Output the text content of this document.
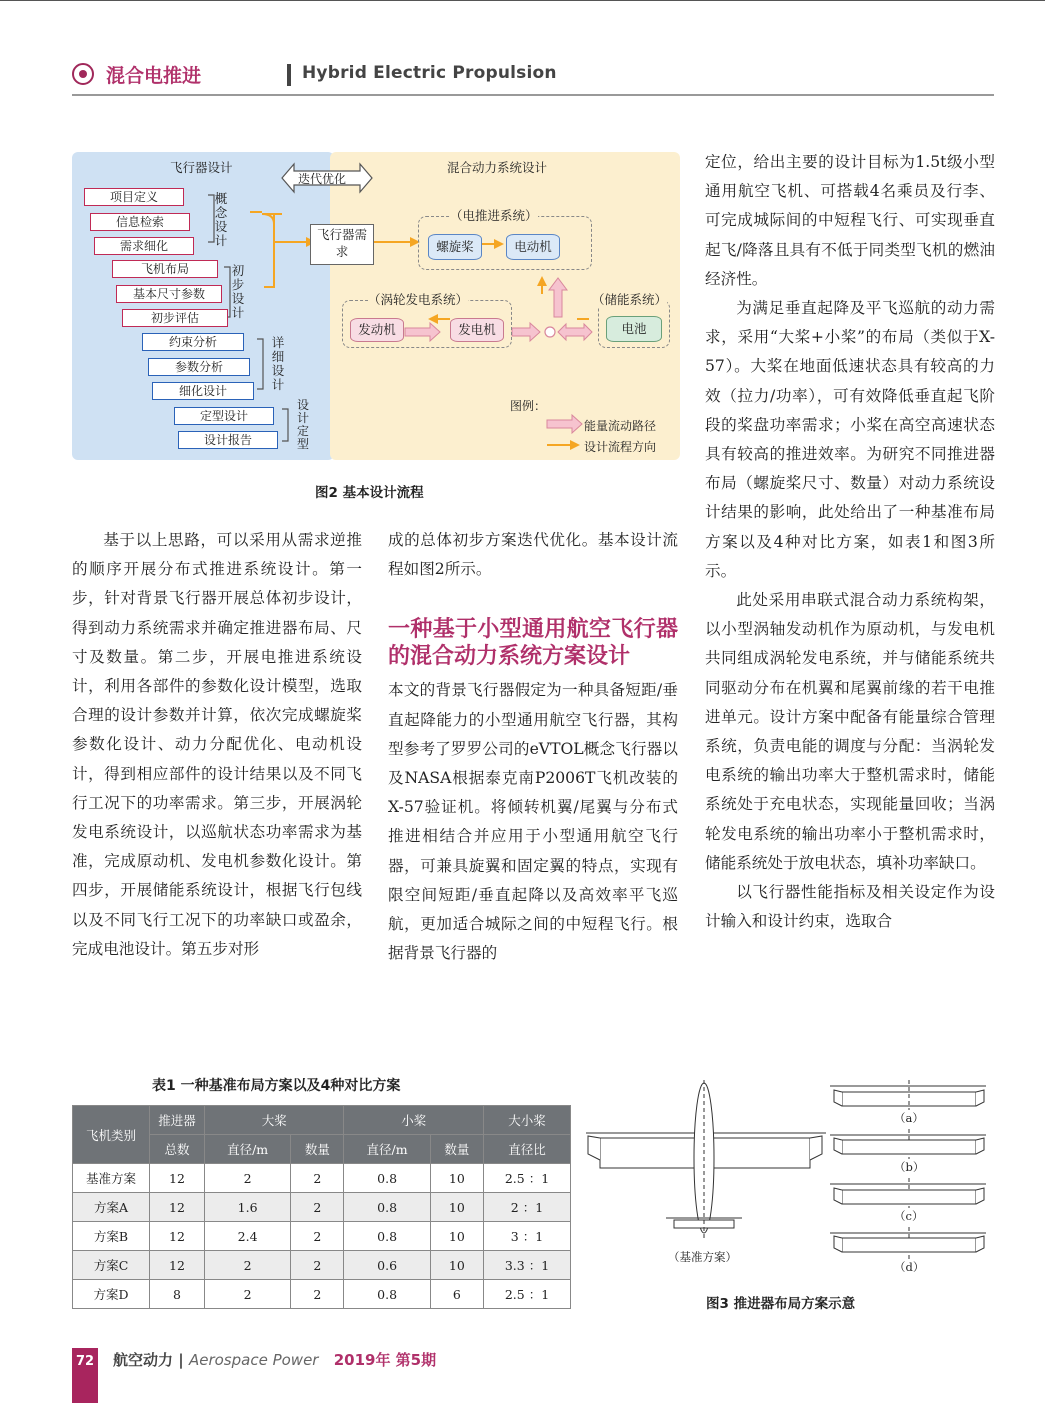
混合电推进	Hybrid Electric Propulsion
飞行器设计	混合动力系统设计
迭代优化
项目定义
信息检索
需求细化
概念设计
飞机布局
基本尺寸参数
初步评估
初步设计
约束分析
参数分析
细化设计
详细设计
定型设计
设计报告
设计定型
飞行器需求
（电推进系统）
螺旋桨	电动机
（涡轮发电系统）
发动机	发电机
（储能系统）
电池
图例：
能量流动路径
设计流程方向
图2 基本设计流程

基于以上思路，可以采用从需求逆推的顺序开展分布式推进系统设计。第一步，针对背景飞行器开展总体初步设计，得到动力系统需求并确定推进器布局、尺寸及数量。第二步，开展电推进系统设计，利用各部件的参数化设计模型，选取合理的设计参数并计算，依次完成螺旋桨参数化设计、动力分配优化、电动机设计，得到相应部件的设计结果以及不同飞行工况下的功率需求。第三步，开展涡轮发电系统设计，以巡航状态功率需求为基准，完成原动机、发电机参数化设计。第四步，开展储能系统设计，根据飞行包线以及不同飞行工况下的功率缺口或盈余，完成电池设计。第五步对形

成的总体初步方案迭代优化。基本设计流程如图2所示。

一种基于小型通用航空飞行器的混合动力系统方案设计

本文的背景飞行器假定为一种具备短距/垂直起降能力的小型通用航空飞行器，其构型参考了罗罗公司的eVTOL概念飞行器以及NASA根据泰克南P2006T飞机改装的X-57验证机。将倾转机翼/尾翼与分布式推进相结合并应用于小型通用航空飞行器，可兼具旋翼和固定翼的特点，实现有限空间短距/垂直起降以及高效率平飞巡航，更加适合城际之间的中短程飞行。根据背景飞行器的

定位，给出主要的设计目标为1.5t级小型通用航空飞机、可搭载4名乘员及行李、可完成城际间的中短程飞行、可实现垂直起飞/降落且具有不低于同类型飞机的燃油经济性。

为满足垂直起降及平飞巡航的动力需求，采用“大桨+小桨”的布局（类似于X-57）。大桨在地面低速状态具有较高的力效（拉力/功率），可有效降低垂直起飞阶段的桨盘功率需求；小桨在高空高速状态具有较高的推进效率。为研究不同推进器布局（螺旋桨尺寸、数量）对动力系统设计结果的影响，此处给出了一种基准布局方案以及4种对比方案，如表1和图3所示。

此处采用串联式混合动力系统构架，以小型涡轴发动机作为原动机，与发电机共同组成涡轮发电系统，并与储能系统共同驱动分布在机翼和尾翼前缘的若干电推进单元。设计方案中配备有能量综合管理系统，负责电能的调度与分配：当涡轮发电系统的输出功率大于整机需求时，储能系统处于充电状态，实现能量回收；当涡轮发电系统的输出功率小于整机需求时，储能系统处于放电状态，填补功率缺口。

以飞行器性能指标及相关设定作为设计输入和设计约束，选取合

表1 一种基准布局方案以及4种对比方案
飞机类别	推进器	大桨		小桨		大小桨
	总数	直径/m	数量	直径/m	数量	直径比
基准方案	12	2	2	0.8	10	2.5 ：1
方案A	12	1.6	2	0.8	10	2 ：1
方案B	12	2.4	2	0.8	10	3 ：1
方案C	12	2	2	0.6	10	3.3 ：1
方案D	8	2	2	0.8	6	2.5 ：1
（基准方案）
（a）
（b）
（c）
（d）
图3 推进器布局方案示意
72 航空动力 | Aerospace Power 2019年 第5期
